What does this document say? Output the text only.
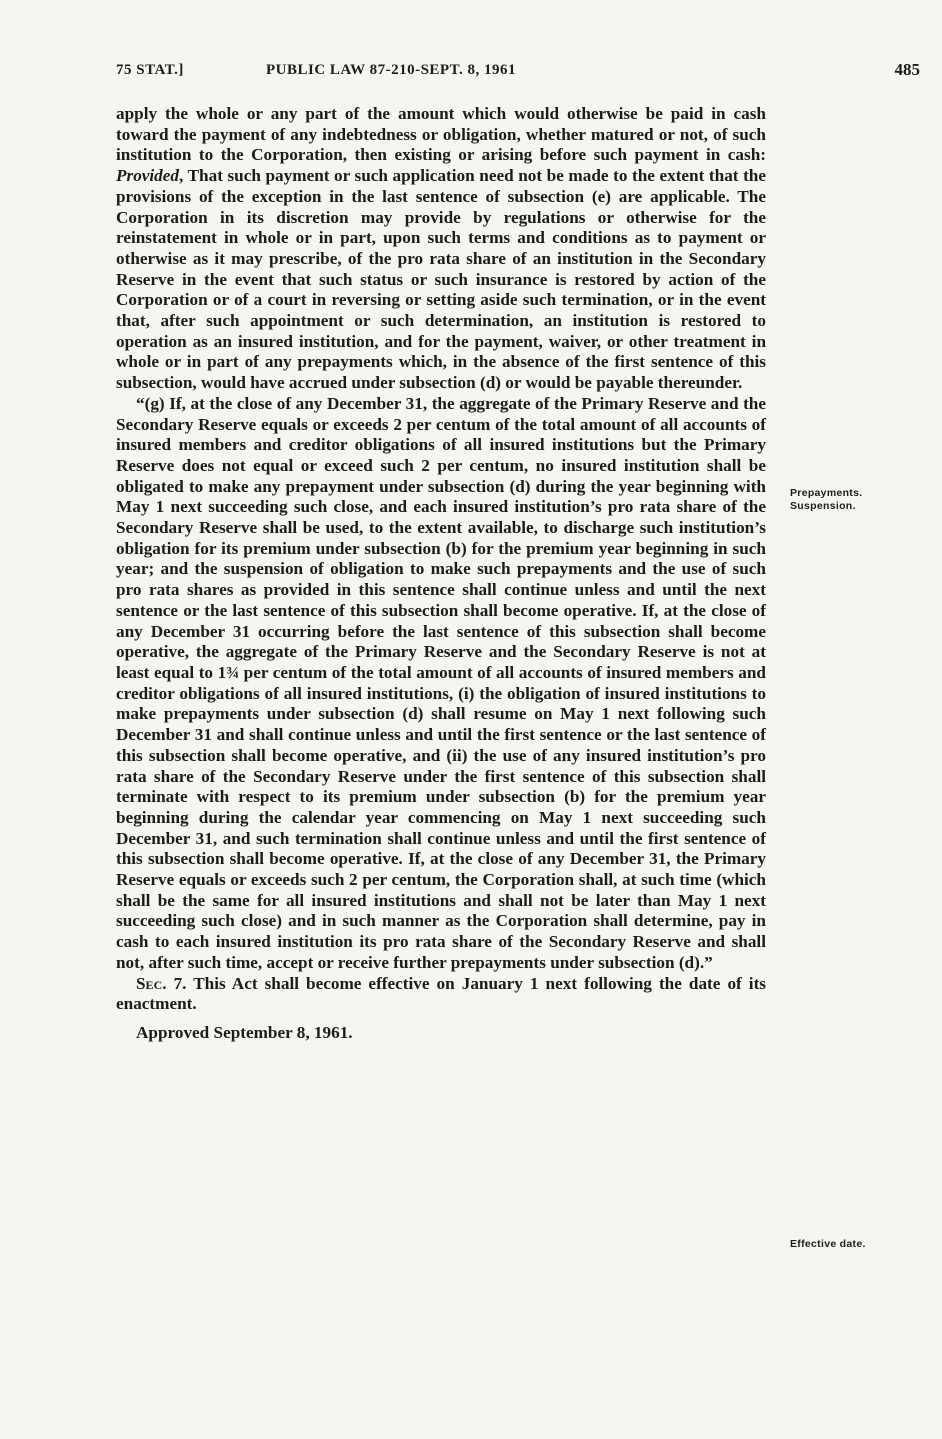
75 STAT.]	PUBLIC LAW 87-210-SEPT. 8, 1961	485

apply the whole or any part of the amount which would otherwise be paid in cash toward the payment of any indebtedness or obligation, whether matured or not, of such institution to the Corporation, then existing or arising before such payment in cash: Provided, That such payment or such application need not be made to the extent that the provisions of the exception in the last sentence of subsection (e) are applicable. The Corporation in its discretion may provide by regulations or otherwise for the reinstatement in whole or in part, upon such terms and conditions as to payment or otherwise as it may prescribe, of the pro rata share of an institution in the Secondary Reserve in the event that such status or such insurance is restored by action of the Corporation or of a court in reversing or setting aside such termination, or in the event that, after such appointment or such determination, an institution is restored to operation as an insured institution, and for the payment, waiver, or other treatment in whole or in part of any prepayments which, in the absence of the first sentence of this subsection, would have accrued under subsection (d) or would be payable thereunder.

“(g) If, at the close of any December 31, the aggregate of the Primary Reserve and the Secondary Reserve equals or exceeds 2 per centum of the total amount of all accounts of insured members and creditor obligations of all insured institutions but the Primary Reserve does not equal or exceed such 2 per centum, no insured institution shall be obligated to make any prepayment under subsection (d) during the year beginning with May 1 next succeeding such close, and each insured institution’s pro rata share of the Secondary Reserve shall be used, to the extent available, to discharge such institution’s obligation for its premium under subsection (b) for the premium year beginning in such year; and the suspension of obligation to make such prepayments and the use of such pro rata shares as provided in this sentence shall continue unless and until the next sentence or the last sentence of this subsection shall become operative. If, at the close of any December 31 occurring before the last sentence of this subsection shall become operative, the aggregate of the Primary Reserve and the Secondary Reserve is not at least equal to 1¾ per centum of the total amount of all accounts of insured members and creditor obligations of all insured institutions, (i) the obligation of insured institutions to make prepayments under subsection (d) shall resume on May 1 next following such December 31 and shall continue unless and until the first sentence or the last sentence of this subsection shall become operative, and (ii) the use of any insured institution’s pro rata share of the Secondary Reserve under the first sentence of this subsection shall terminate with respect to its premium under subsection (b) for the premium year beginning during the calendar year commencing on May 1 next succeeding such December 31, and such termination shall continue unless and until the first sentence of this subsection shall become operative. If, at the close of any December 31, the Primary Reserve equals or exceeds such 2 per centum, the Corporation shall, at such time (which shall be the same for all insured institutions and shall not be later than May 1 next succeeding such close) and in such manner as the Corporation shall determine, pay in cash to each insured institution its pro rata share of the Secondary Reserve and shall not, after such time, accept or receive further prepayments under subsection (d).”

Sec. 7. This Act shall become effective on January 1 next following the date of its enactment.

Approved September 8, 1961.

Prepayments.
Suspension.
Effective date.
